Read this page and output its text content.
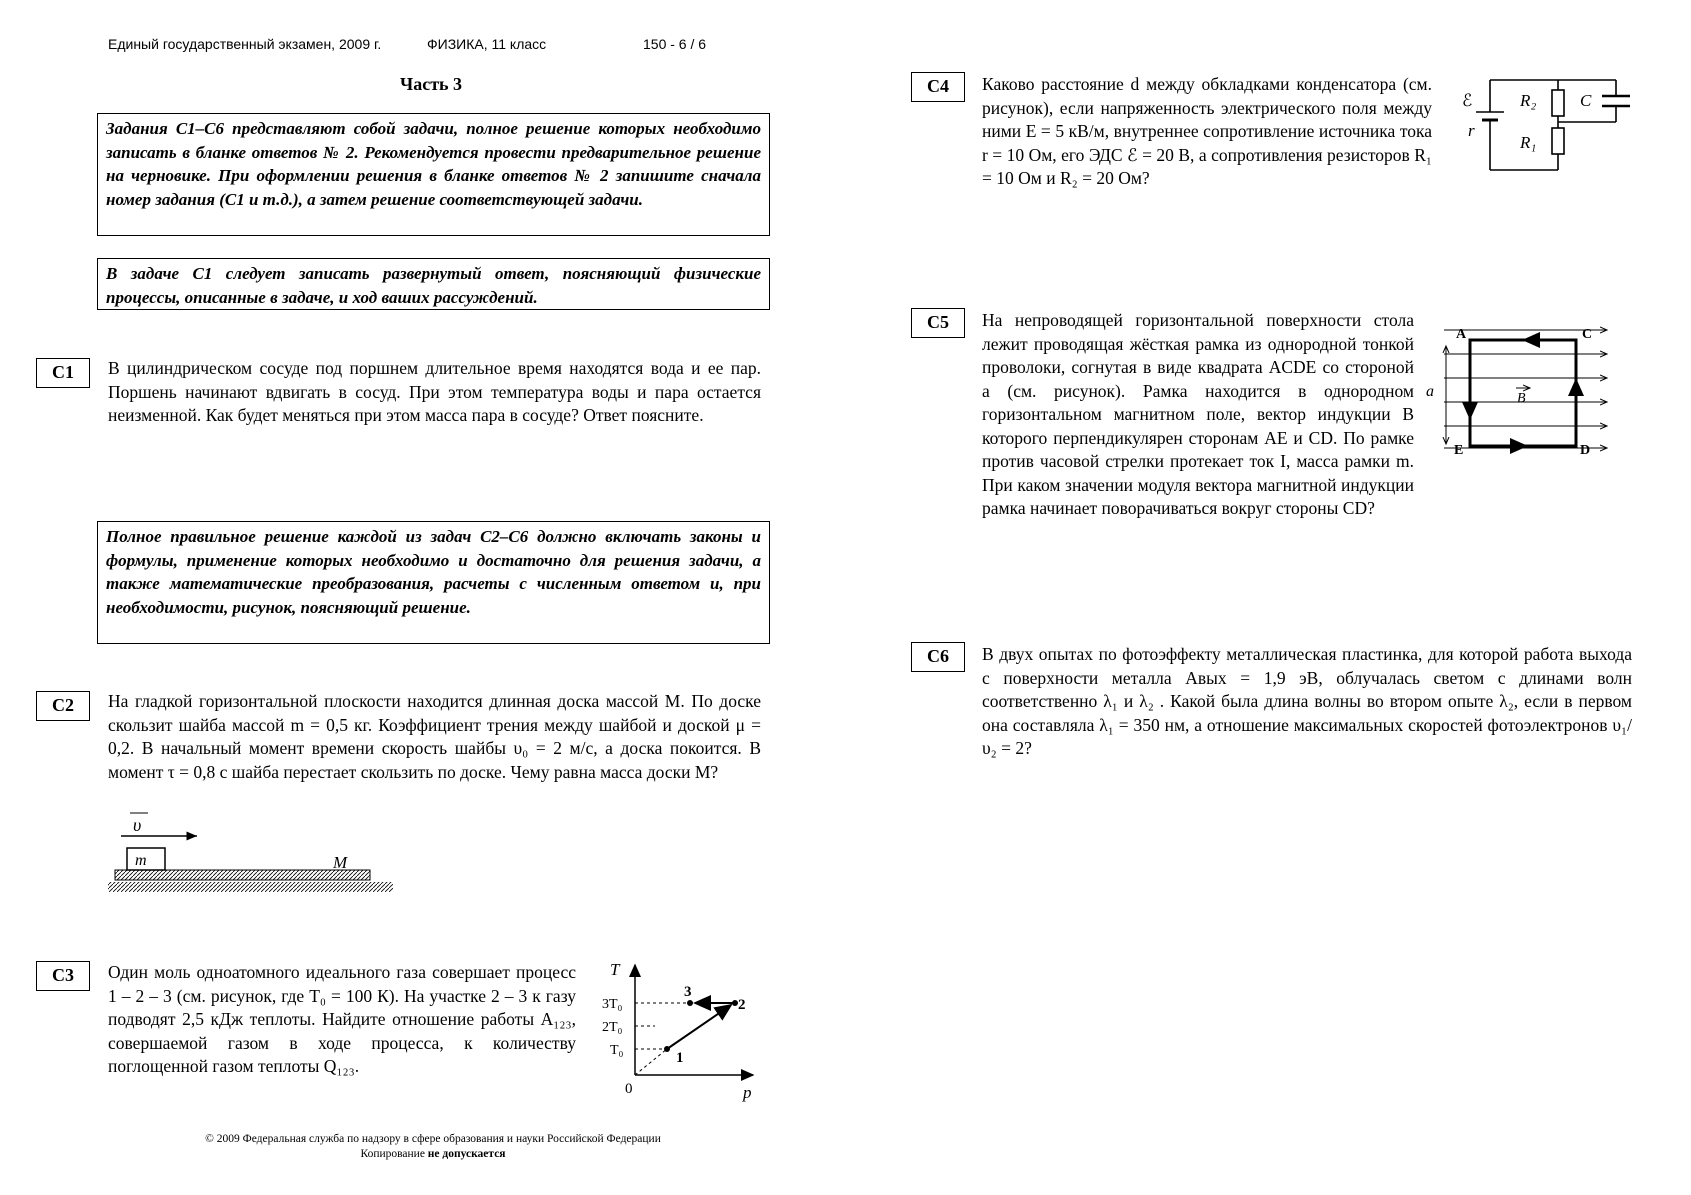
Единый государственный экзамен, 2009 г.	ФИЗИКА, 11 класс	150 - 6 / 6
Часть 3
Задания С1–С6 представляют собой задачи, полное решение которых необходимо записать в бланке ответов № 2. Рекомендуется провести предварительное решение на черновике. При оформлении решения в бланке ответов № 2 запишите сначала номер задания (С1 и т.д.), а затем решение соответствующей задачи.
В задаче С1 следует записать развернутый ответ, поясняющий физические процессы, описанные в задаче, и ход ваших рассуждений.
Полное правильное решение каждой из задач С2–С6 должно включать законы и формулы, применение которых необходимо и достаточно для решения задачи, а также математические преобразования, расчеты с численным ответом и, при необходимости, рисунок, поясняющий решение.
С1	В цилиндрическом сосуде под поршнем длительное время находятся вода и ее пар. Поршень начинают вдвигать в сосуд. При этом температура воды и пара остается неизменной. Как будет меняться при этом масса пара в сосуде? Ответ поясните.
С2	На гладкой горизонтальной плоскости находится длинная доска массой M. По доске скользит шайба массой m = 0,5 кг. Коэффициент трения между шайбой и доской μ = 0,2. В начальный момент времени скорость шайбы υ₀ = 2 м/с, а доска покоится. В момент τ = 0,8 с шайба перестает скользить по доске. Чему равна масса доски M?
υ
m	M
С3	Один моль одноатомного идеального газа совершает процесс 1 – 2 – 3 (см. рисунок, где T₀ = 100 К). На участке 2 – 3 к газу подводят 2,5 кДж теплоты. Найдите отношение работы A₁₂₃, совершаемой газом в ходе процесса, к количеству поглощенной газом теплоты Q₁₂₃.
T
p
0
3T₀
2T₀
T₀	1
2
3
© 2009 Федеральная служба по надзору в сфере образования и науки Российской Федерации
Копирование не допускается
С4	Каково расстояние d между обкладками конденсатора (см. рисунок), если напряженность электрического поля между ними E = 5 кВ/м, внутреннее сопротивление источника тока r = 10 Ом, его ЭДС ℰ = 20 В, а сопротивления резисторов R₁ = 10 Ом и R₂ = 20 Ом?
ℰ
r
R₂
R₁
C
С5	На непроводящей горизонтальной поверхности стола лежит проводящая жёсткая рамка из однородной тонкой проволоки, согнутая в виде квадрата ACDE со стороной a (см. рисунок). Рамка находится в однородном горизонтальном магнитном поле, вектор индукции B которого перпендикулярен сторонам AE и CD. По рамке против часовой стрелки протекает ток I, масса рамки m. При каком значении модуля вектора магнитной индукции рамка начинает поворачиваться вокруг стороны CD?
a
A	C
E	D
B
С6	В двух опытах по фотоэффекту металлическая пластинка, для которой работа выхода с поверхности металла Aвых = 1,9 эВ, облучалась светом с длинами волн соответственно λ₁ и λ₂ . Какой была длина волны во втором опыте λ₂, если в первом она составляла λ₁ = 350 нм, а отношение максимальных скоростей фотоэлектронов υ₁/υ₂ = 2?
